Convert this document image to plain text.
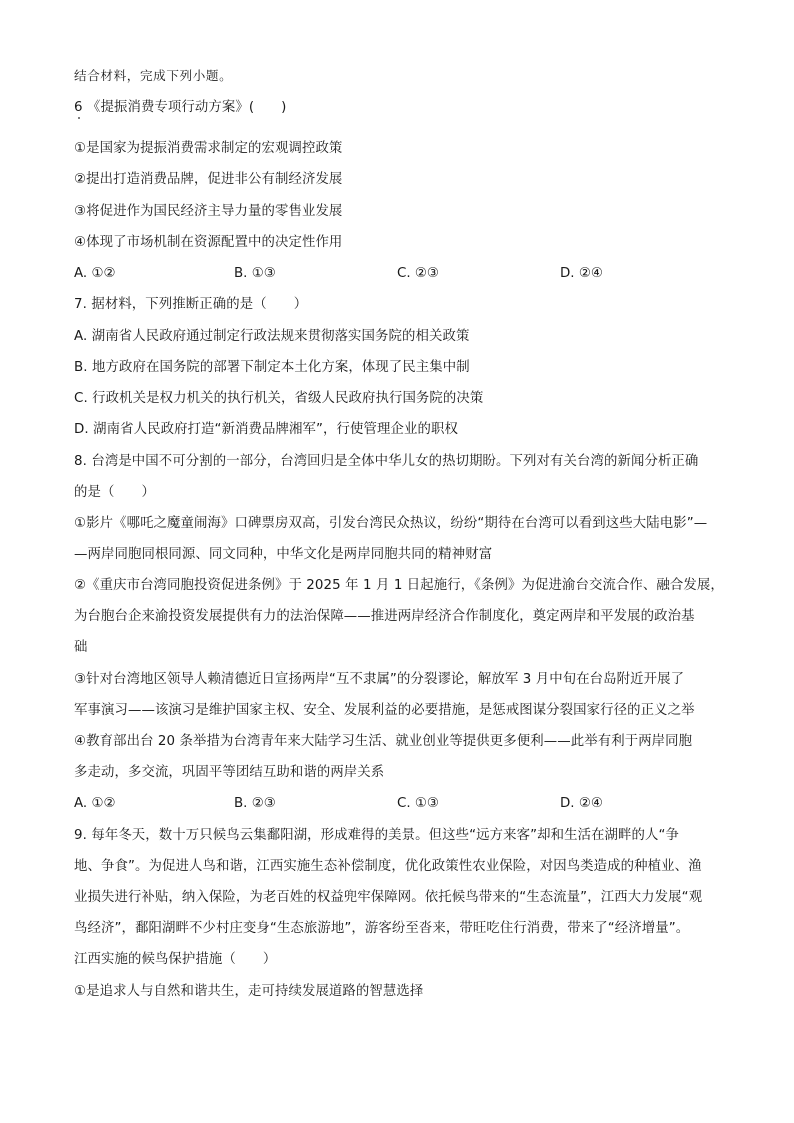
结合材料，完成下列小题。
6 《提振消费专项行动方案》(　　)
①是国家为提振消费需求制定的宏观调控政策
②提出打造消费品牌，促进非公有制经济发展
③将促进作为国民经济主导力量的零售业发展
④体现了市场机制在资源配置中的决定性作用
A. ①②	B. ①③	C. ②③	D. ②④
7. 据材料，下列推断正确的是（　　）
A. 湖南省人民政府通过制定行政法规来贯彻落实国务院的相关政策
B. 地方政府在国务院的部署下制定本土化方案，体现了民主集中制
C. 行政机关是权力机关的执行机关，省级人民政府执行国务院的决策
D. 湖南省人民政府打造“新消费品牌湘军”，行使管理企业的职权
8. 台湾是中国不可分割的一部分，台湾回归是全体中华儿女的热切期盼。下列对有关台湾的新闻分析正确
的是（　　）
①影片《哪吒之魔童闹海》口碑票房双高，引发台湾民众热议，纷纷“期待在台湾可以看到这些大陆电影”—
—两岸同胞同根同源、同文同种，中华文化是两岸同胞共同的精神财富
②《重庆市台湾同胞投资促进条例》于 2025 年 1 月 1 日起施行，《条例》为促进渝台交流合作、融合发展，
为台胞台企来渝投资发展提供有力的法治保障——推进两岸经济合作制度化，奠定两岸和平发展的政治基
础
③针对台湾地区领导人赖清德近日宣扬两岸“互不隶属”的分裂谬论，解放军 3 月中旬在台岛附近开展了
军事演习——该演习是维护国家主权、安全、发展利益的必要措施，是惩戒图谋分裂国家行径的正义之举
④教育部出台 20 条举措为台湾青年来大陆学习生活、就业创业等提供更多便利——此举有利于两岸同胞
多走动，多交流，巩固平等团结互助和谐的两岸关系
A. ①②	B. ②③	C. ①③	D. ②④
9. 每年冬天，数十万只候鸟云集鄱阳湖，形成难得的美景。但这些“远方来客”却和生活在湖畔的人“争
地、争食”。为促进人鸟和谐，江西实施生态补偿制度，优化政策性农业保险，对因鸟类造成的种植业、渔
业损失进行补贴，纳入保险，为老百姓的权益兜牢保障网。依托候鸟带来的“生态流量”，江西大力发展“观
鸟经济”，鄱阳湖畔不少村庄变身“生态旅游地”，游客纷至沓来，带旺吃住行消费，带来了“经济增量”。
江西实施的候鸟保护措施（　　）
①是追求人与自然和谐共生，走可持续发展道路的智慧选择
